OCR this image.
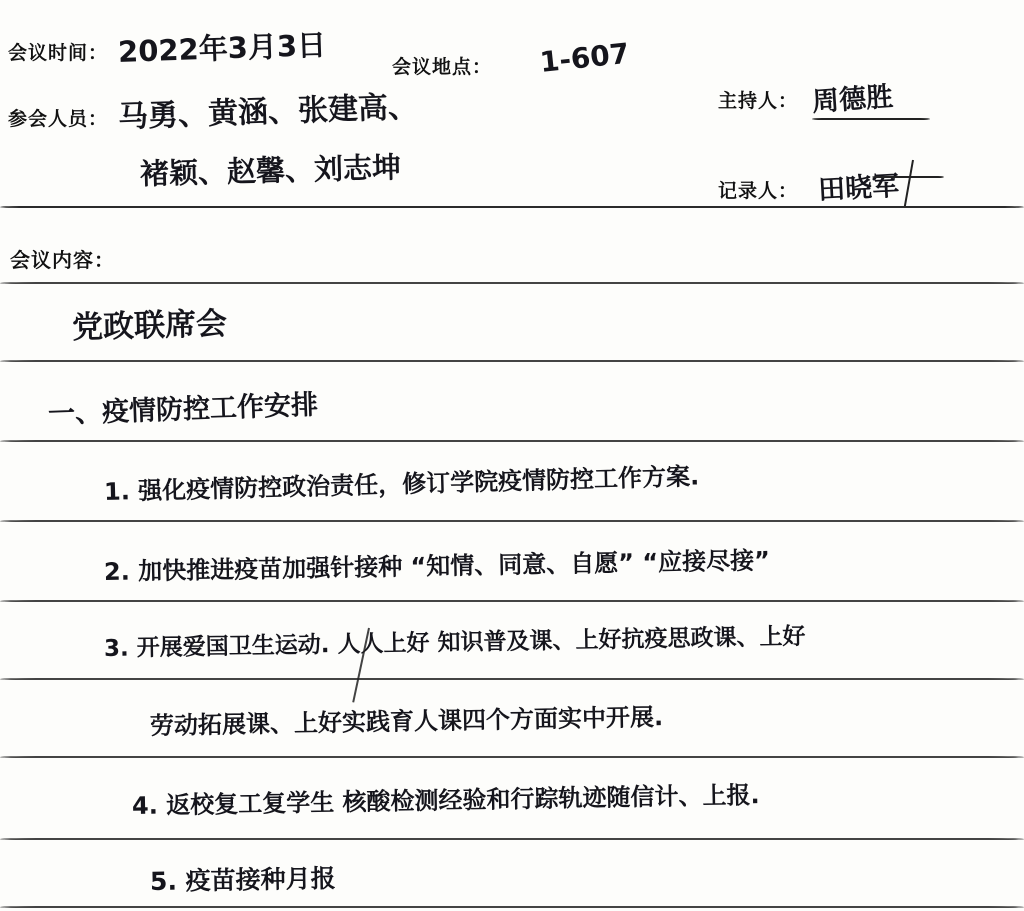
会议时间： 2022年3月3日	会议地点： 1-607
主持人： 周德胜
参会人员： 马勇、黄涵、张建高、
褚颖、赵馨、刘志坤
记录人： 田晓军
会议内容：
党政联席会
一、疫情防控工作安排
1. 强化疫情防控政治责任，修订学院疫情防控工作方案.
2. 加快推进疫苗加强针接种 “知情、同意、自愿” “应接尽接”
3. 开展爱国卫生运动. 人人上好 知识普及课、上好抗疫思政课、上好
劳动拓展课、上好实践育人课四个方面实中开展.
4. 返校复工复学生 核酸检测经验和行踪轨迹随信计、上报.
5. 疫苗接种月报
